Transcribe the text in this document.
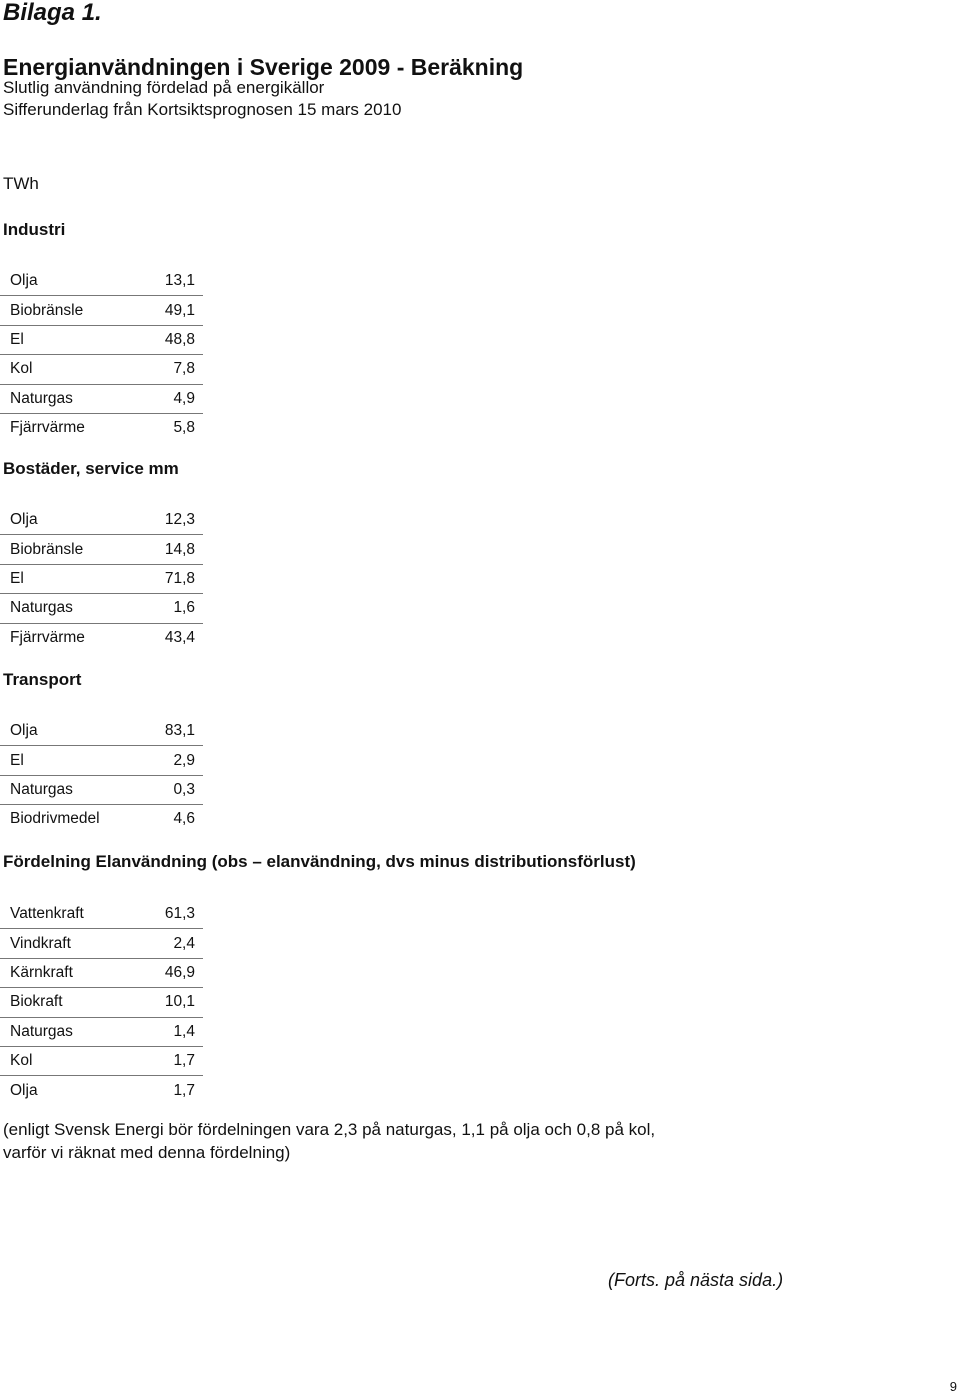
Bilaga 1.
Energianvändningen i Sverige 2009 - Beräkning
Slutlig användning fördelad på energikällor
Sifferunderlag från Kortsiktsprognosen 15 mars 2010
TWh
Industri
Olja	13,1
Biobränsle	49,1
El	48,8
Kol	7,8
Naturgas	4,9
Fjärrvärme	5,8
Bostäder, service mm
Olja	12,3
Biobränsle	14,8
El	71,8
Naturgas	1,6
Fjärrvärme	43,4
Transport
Olja	83,1
El	2,9
Naturgas	0,3
Biodrivmedel	4,6
Fördelning Elanvändning (obs – elanvändning, dvs minus distributionsförlust)
Vattenkraft	61,3
Vindkraft	2,4
Kärnkraft	46,9
Biokraft	10,1
Naturgas	1,4
Kol	1,7
Olja	1,7
(enligt Svensk Energi bör fördelningen vara 2,3 på naturgas, 1,1 på olja och 0,8 på kol,
varför vi räknat med denna fördelning)
(Forts. på nästa sida.)
9
